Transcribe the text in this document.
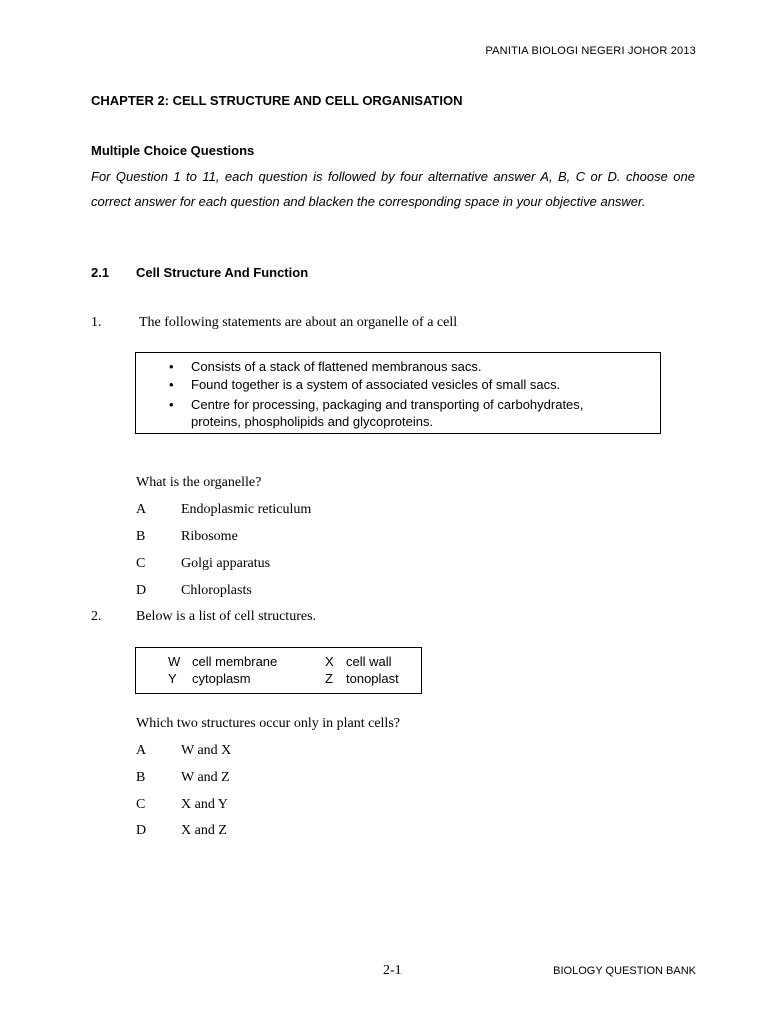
PANITIA BIOLOGI NEGERI JOHOR 2013
CHAPTER 2: CELL STRUCTURE AND CELL ORGANISATION
Multiple Choice Questions
For Question 1 to 11, each question is followed by four alternative answer A, B, C or D. choose one correct answer for each question and blacken the corresponding space in your objective answer.
2.1 Cell Structure And Function
1.	The following statements are about an organelle of a cell
• Consists of a stack of flattened membranous sacs.
• Found together is a system of associated vesicles of small sacs.
• Centre for processing, packaging and transporting of carbohydrates,
proteins, phospholipids and glycoproteins.
What is the organelle?
A Endoplasmic reticulum
B	Ribosome
C	Golgi apparatus
D Chloroplasts
2. Below is a list of cell structures.
W cell membrane	X cell wall
Y cytoplasm	Z tonoplast
Which two structures occur only in plant cells?
A W and X
B	W and Z
C	X and Y
D X and Z
2-1	BIOLOGY QUESTION BANK
